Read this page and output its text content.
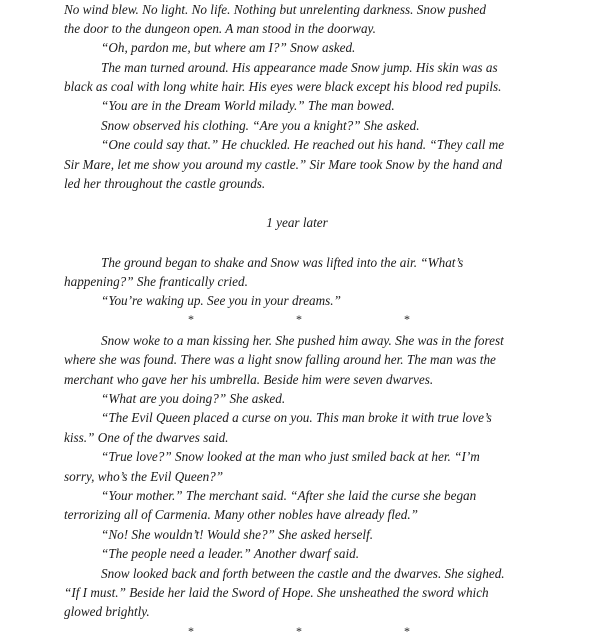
No wind blew. No light. No life. Nothing but unrelenting darkness. Snow pushed
the door to the dungeon open. A man stood in the doorway.
“Oh, pardon me, but where am I?” Snow asked.
The man turned around. His appearance made Snow jump. His skin was as
black as coal with long white hair. His eyes were black except his blood red pupils.
“You are in the Dream World milady.” The man bowed.
Snow observed his clothing. “Are you a knight?” She asked.
“One could say that.” He chuckled. He reached out his hand. “They call me
Sir Mare, let me show you around my castle.” Sir Mare took Snow by the hand and
led her throughout the castle grounds.
1 year later
The ground began to shake and Snow was lifted into the air. “What’s
happening?” She frantically cried.
“You’re waking up. See you in your dreams.”
*	*	*
Snow woke to a man kissing her. She pushed him away. She was in the forest
where she was found. There was a light snow falling around her. The man was the
merchant who gave her his umbrella. Beside him were seven dwarves.
“What are you doing?” She asked.
“The Evil Queen placed a curse on you. This man broke it with true love’s
kiss.” One of the dwarves said.
“True love?” Snow looked at the man who just smiled back at her. “I’m
sorry, who’s the Evil Queen?”
“Your mother.” The merchant said. “After she laid the curse she began
terrorizing all of Carmenia. Many other nobles have already fled.”
“No! She wouldn’t! Would she?” She asked herself.
“The people need a leader.” Another dwarf said.
Snow looked back and forth between the castle and the dwarves. She sighed.
“If I must.” Beside her laid the Sword of Hope. She unsheathed the sword which
glowed brightly.
*	*	*
